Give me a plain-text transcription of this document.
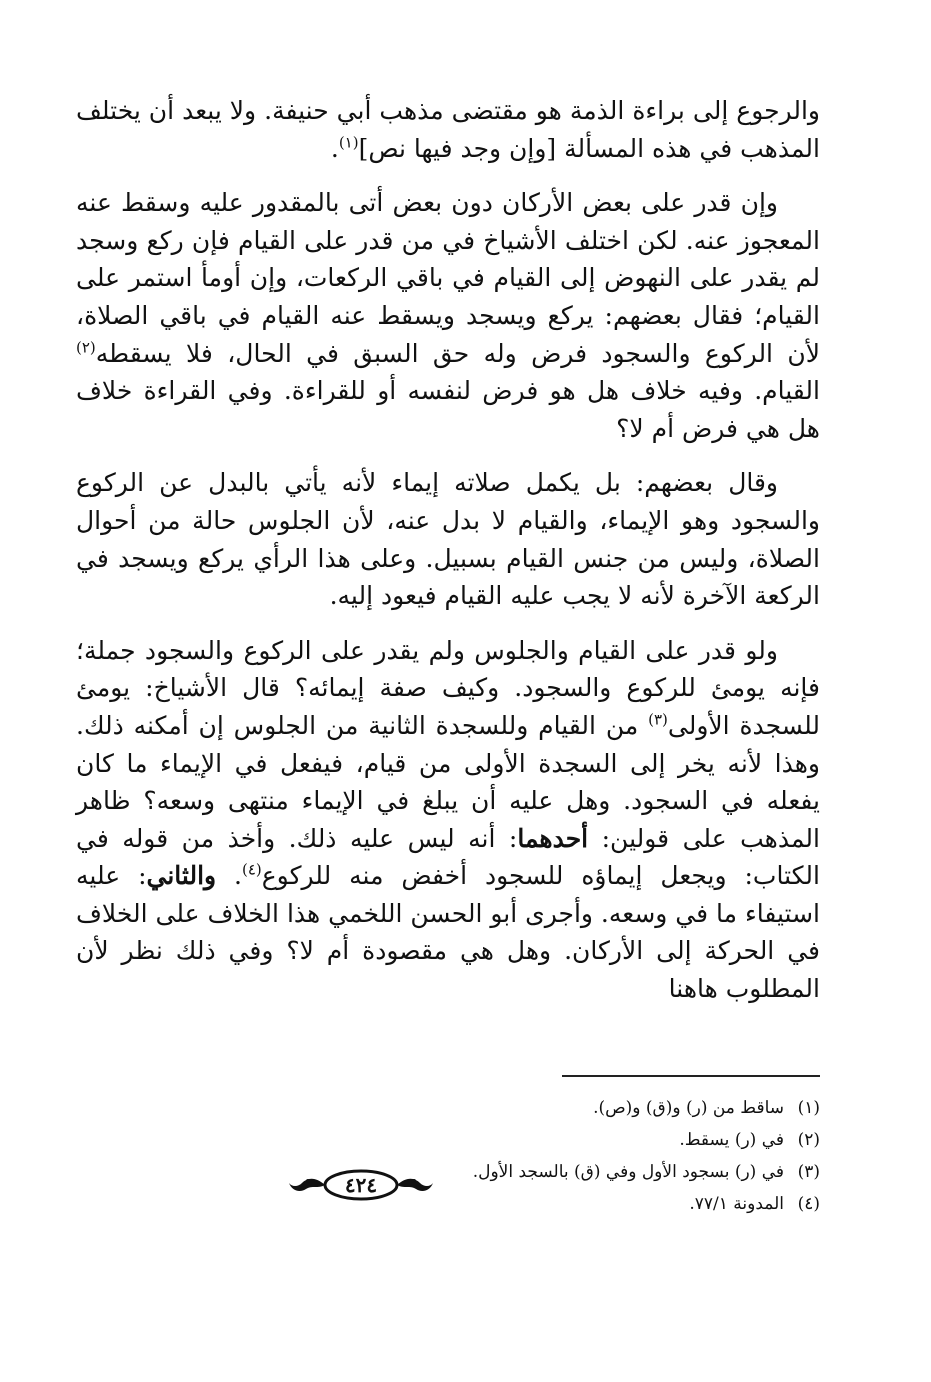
والرجوع إلى براءة الذمة هو مقتضى مذهب أبي حنيفة. ولا يبعد أن يختلف المذهب في هذه المسألة [وإن وجد فيها نص]$^{(١)}$.

وإن قدر على بعض الأركان دون بعض أتى بالمقدور عليه وسقط عنه المعجوز عنه. لكن اختلف الأشياخ في من قدر على القيام فإن ركع وسجد لم يقدر على النهوض إلى القيام في باقي الركعات، وإن أومأ استمر على القيام؛ فقال بعضهم: يركع ويسجد ويسقط عنه القيام في باقي الصلاة، لأن الركوع والسجود فرض وله حق السبق في الحال، فلا يسقطه$^{(٢)}$ القيام. وفيه خلاف هل هو فرض لنفسه أو للقراءة. وفي القراءة خلاف هل هي فرض أم لا؟

وقال بعضهم: بل يكمل صلاته إيماء لأنه يأتي بالبدل عن الركوع والسجود وهو الإيماء، والقيام لا بدل عنه، لأن الجلوس حالة من أحوال الصلاة، وليس من جنس القيام بسبيل. وعلى هذا الرأي يركع ويسجد في الركعة الآخرة لأنه لا يجب عليه القيام فيعود إليه.

ولو قدر على القيام والجلوس ولم يقدر على الركوع والسجود جملة؛ فإنه يومئ للركوع والسجود. وكيف صفة إيمائه؟ قال الأشياخ: يومئ للسجدة الأولى$^{(٣)}$ من القيام وللسجدة الثانية من الجلوس إن أمكنه ذلك. وهذا لأنه يخر إلى السجدة الأولى من قيام، فيفعل في الإيماء ما كان يفعله في السجود. وهل عليه أن يبلغ في الإيماء منتهى وسعه؟ ظاهر المذهب على قولين: أحدهما: أنه ليس عليه ذلك. وأخذ من قوله في الكتاب: ويجعل إيماؤه للسجود أخفض منه للركوع$^{(٤)}$. والثاني: عليه استيفاء ما في وسعه. وأجرى أبو الحسن اللخمي هذا الخلاف على الخلاف في الحركة إلى الأركان. وهل هي مقصودة أم لا؟ وفي ذلك نظر لأن المطلوب هاهنا

(١)ساقط من (ر) و(ق) و(ص).
(٢)في (ر) يسقط.
(٣)في (ر) بسجود الأول وفي (ق) بالسجد الأول.
(٤)المدونة ٧٧/١.
٤٢٤
